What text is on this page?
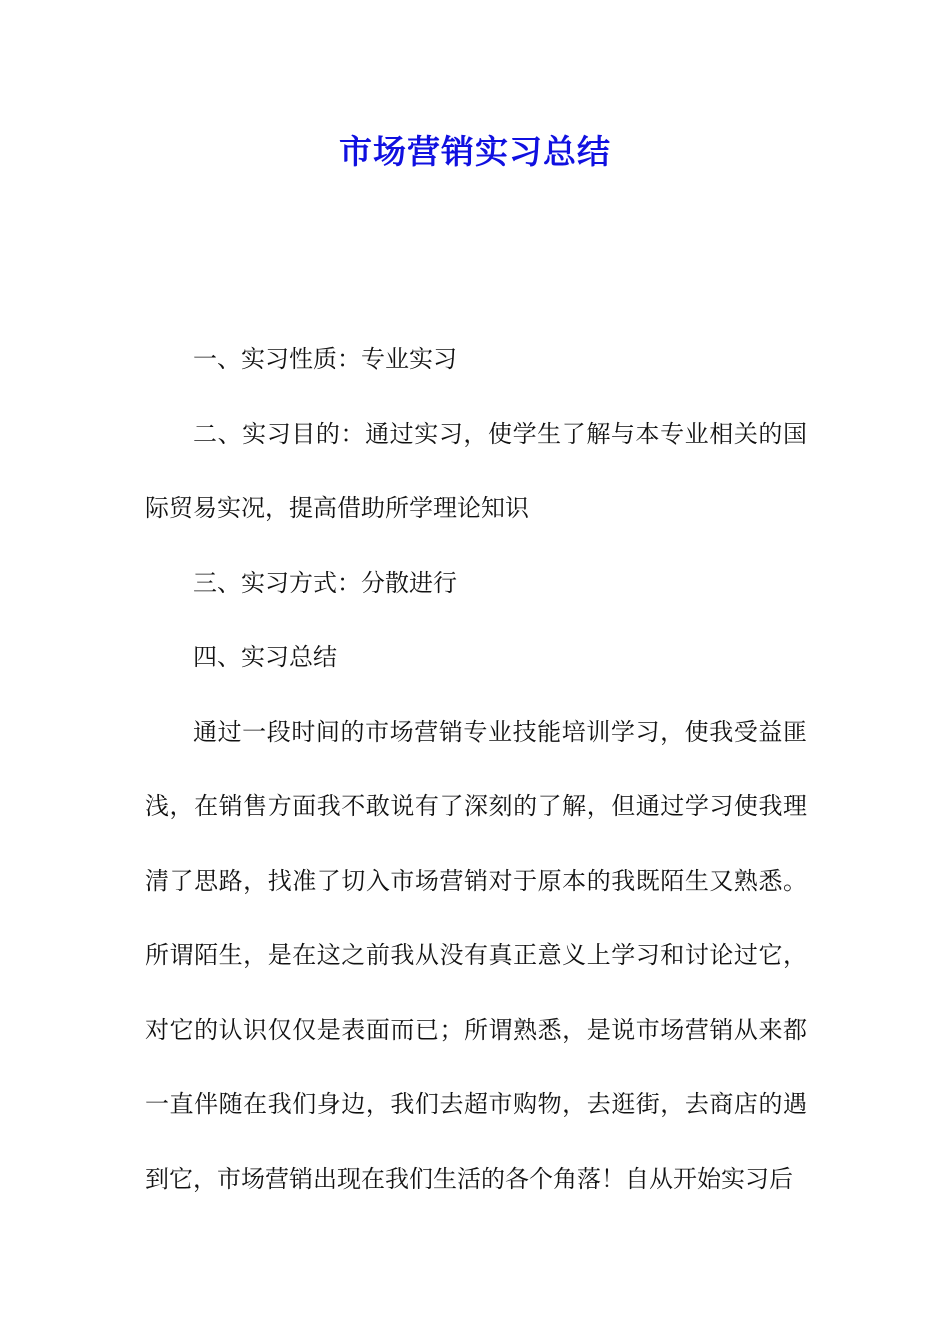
市场营销实习总结

一、实习性质：专业实习

二、实习目的：通过实习，使学生了解与本专业相关的国际贸易实况，提高借助所学理论知识

三、实习方式：分散进行

四、实习总结

通过一段时间的市场营销专业技能培训学习，使我受益匪浅，在销售方面我不敢说有了深刻的了解，但通过学习使我理清了思路，找准了切入市场营销对于原本的我既陌生又熟悉。所谓陌生，是在这之前我从没有真正意义上学习和讨论过它，对它的认识仅仅是表面而已；所谓熟悉，是说市场营销从来都一直伴随在我们身边，我们去超市购物，去逛街，去商店的遇到它，市场营销出现在我们生活的各个角落！自从开始实习后
